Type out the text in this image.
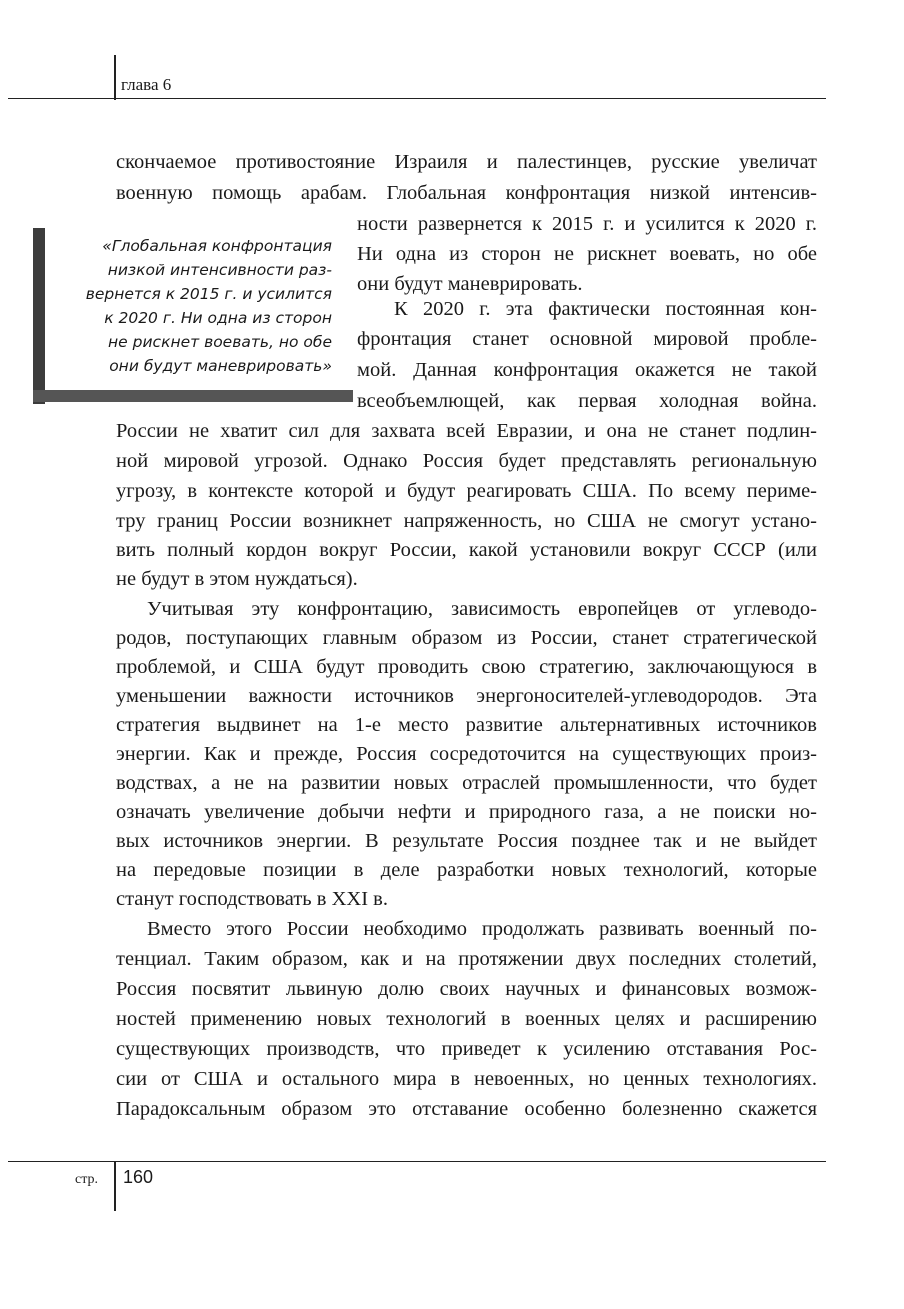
глава 6
скончаемое противостояние Израиля и палестинцев, русские увеличат
военную помощь арабам. Глобальная конфронтация низкой интенсив-
ности развернется к 2015 г. и усилится к 2020 г.
Ни одна из сторон не рискнет воевать, но обе
они будут маневрировать.
К 2020 г. эта фактически постоянная кон-
фронтация станет основной мировой пробле-
мой. Данная конфронтация окажется не такой
всеобъемлющей, как первая холодная война.
России не хватит сил для захвата всей Евразии, и она не станет подлин-
ной мировой угрозой. Однако Россия будет представлять региональную
угрозу, в контексте которой и будут реагировать США. По всему периме-
тру границ России возникнет напряженность, но США не смогут устано-
вить полный кордон вокруг России, какой установили вокруг СССР (или
не будут в этом нуждаться).
Учитывая эту конфронтацию, зависимость европейцев от углеводо-
родов, поступающих главным образом из России, станет стратегической
проблемой, и США будут проводить свою стратегию, заключающуюся в
уменьшении важности источников энергоносителей-углеводородов. Эта
стратегия выдвинет на 1-е место развитие альтернативных источников
энергии. Как и прежде, Россия сосредоточится на существующих произ-
водствах, а не на развитии новых отраслей промышленности, что будет
означать увеличение добычи нефти и природного газа, а не поиски но-
вых источников энергии. В результате Россия позднее так и не выйдет
на передовые позиции в деле разработки новых технологий, которые
станут господствовать в XXI в.
Вместо этого России необходимо продолжать развивать военный по-
тенциал. Таким образом, как и на протяжении двух последних столетий,
Россия посвятит львиную долю своих научных и финансовых возмож-
ностей применению новых технологий в военных целях и расширению
существующих производств, что приведет к усилению отставания Рос-
сии от США и остального мира в невоенных, но ценных технологиях.
Парадоксальным образом это отставание особенно болезненно скажется
«Глобальная конфронтация
низкой интенсивности раз-
вернется к 2015 г. и усилится
к 2020 г. Ни одна из сторон
не рискнет воевать, но обе
они будут маневрировать»
стр. 160
